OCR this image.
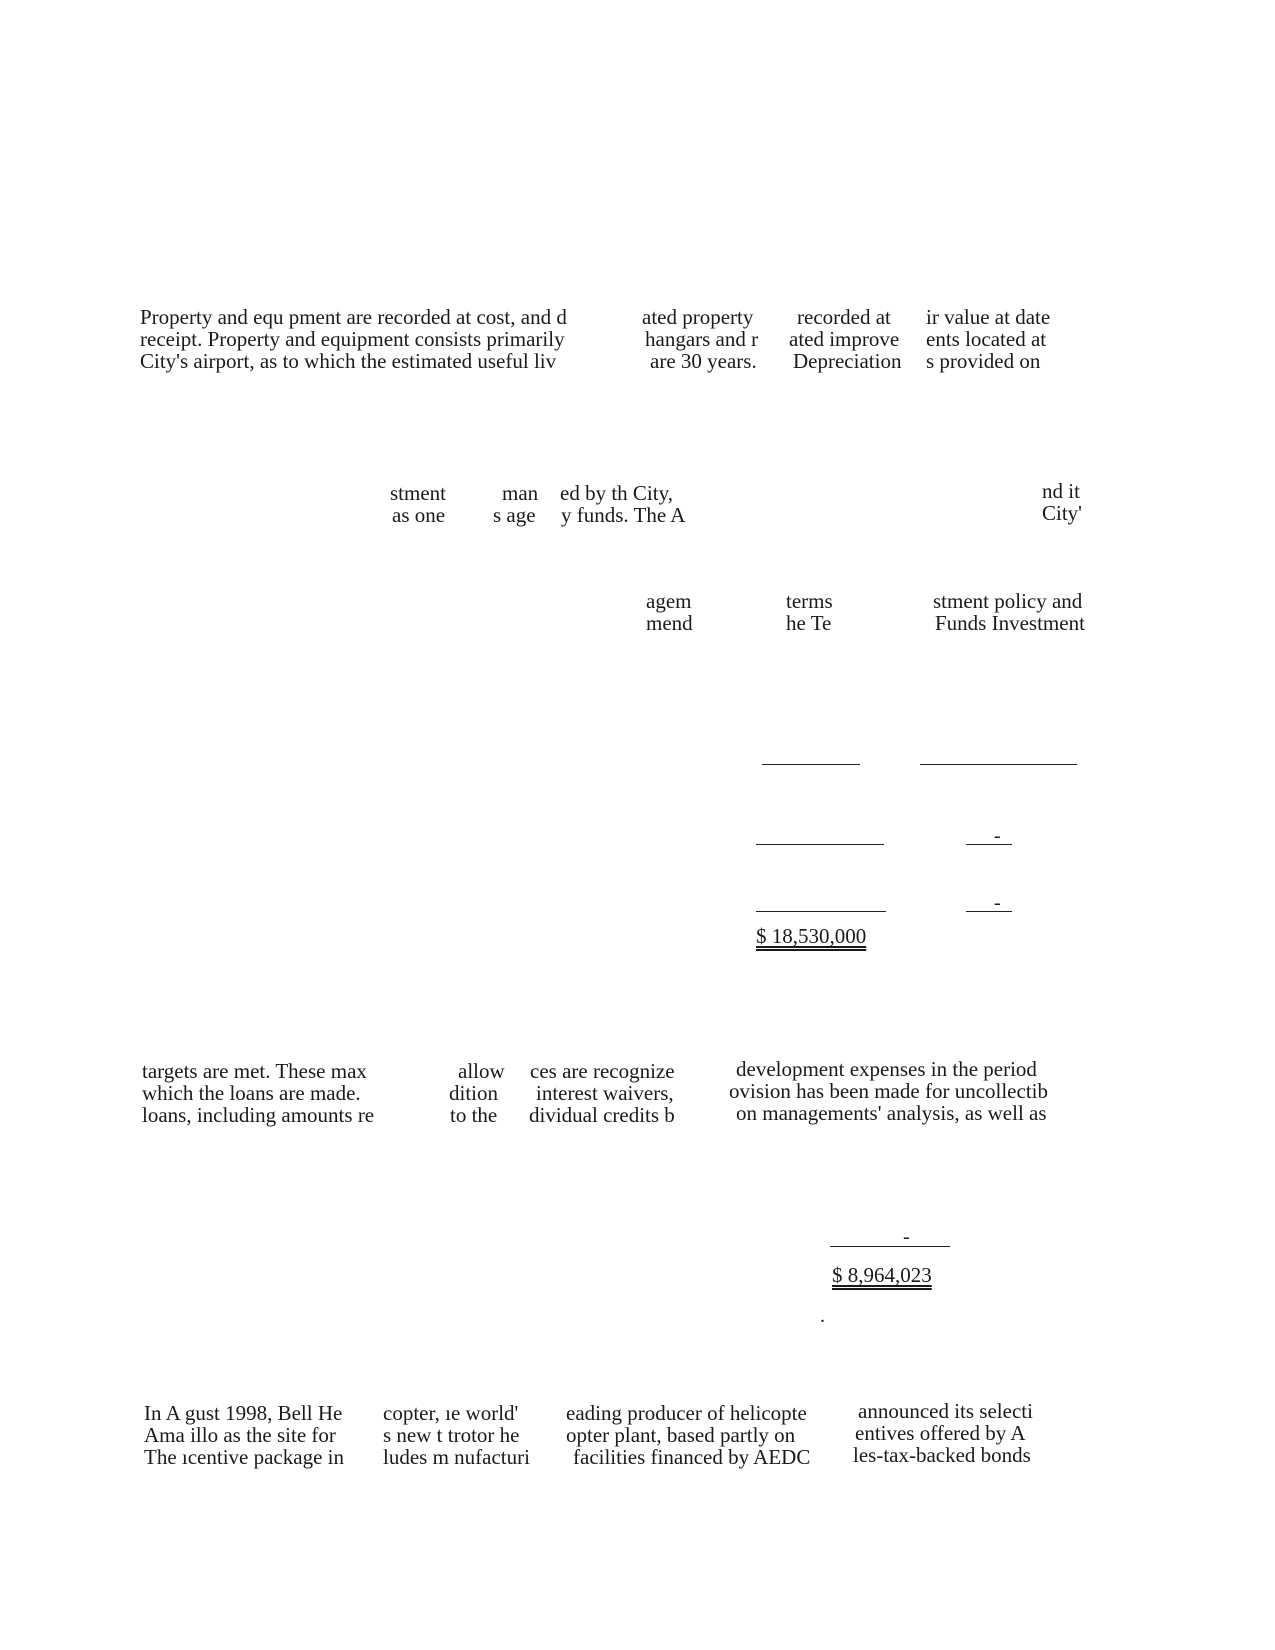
Property and equ pment are recorded at cost, and d
receipt. Property and equipment consists primarily
City's airport, as to which the estimated useful liv
ated property
hangars and r
are 30 years.
recorded at
ated improve
Depreciation
ir value at date
ents located at
s provided on
stment
as one
man
s age
ed by th City,
y funds. The A
nd it
City'
agem
mend
terms
he Te
stment policy and
Funds Investment
-
-
$ 18,530,000
targets are met. These max
which the loans are made.
loans, including amounts re
allow
dition
to the
ces are recognize
interest waivers,
dividual credits b
development expenses in the period
ovision has been made for uncollectib
on managements' analysis, as well as
-
$ 8,964,023
.
In A gust 1998, Bell He
Ama illo as the site for
The ıcentive package in
copter, ıe world'
s new t trotor he
ludes m nufacturi
eading producer of helicopte
opter plant, based partly on
facilities financed by AEDC
announced its selecti
entives offered by A
les-tax-backed bonds
